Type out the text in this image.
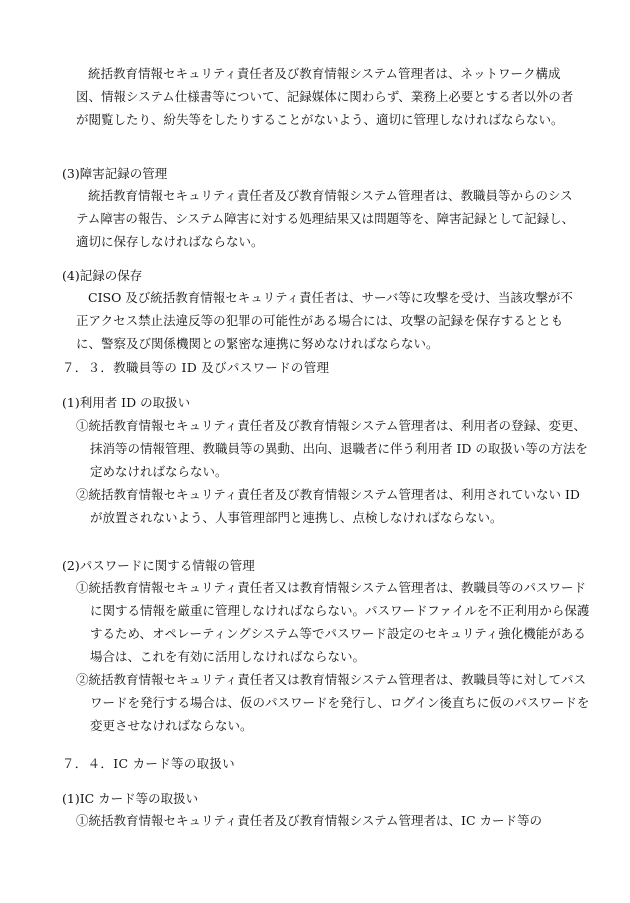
統括教育情報セキュリティ責任者及び教育情報システム管理者は、ネットワーク構成図、情報システム仕様書等について、記録媒体に関わらず、業務上必要とする者以外の者が閲覧したり、紛失等をしたりすることがないよう、適切に管理しなければならない。

(3)障害記録の管理

統括教育情報セキュリティ責任者及び教育情報システム管理者は、教職員等からのシステム障害の報告、システム障害に対する処理結果又は問題等を、障害記録として記録し、適切に保存しなければならない。

(4)記録の保存

CISO 及び統括教育情報セキュリティ責任者は、サーバ等に攻撃を受け、当該攻撃が不正アクセス禁止法違反等の犯罪の可能性がある場合には、攻撃の記録を保存するとともに、警察及び関係機関との緊密な連携に努めなければならない。

７．３．教職員等の ID 及びパスワードの管理
(1)利用者 ID の取扱い

①統括教育情報セキュリティ責任者及び教育情報システム管理者は、利用者の登録、変更、抹消等の情報管理、教職員等の異動、出向、退職者に伴う利用者 ID の取扱い等の方法を定めなければならない。

②統括教育情報セキュリティ責任者及び教育情報システム管理者は、利用されていない ID が放置されないよう、人事管理部門と連携し、点検しなければならない。

(2)パスワードに関する情報の管理

①統括教育情報セキュリティ責任者又は教育情報システム管理者は、教職員等のパスワードに関する情報を厳重に管理しなければならない。パスワードファイルを不正利用から保護するため、オペレーティングシステム等でパスワード設定のセキュリティ強化機能がある場合は、これを有効に活用しなければならない。

②統括教育情報セキュリティ責任者又は教育情報システム管理者は、教職員等に対してパスワードを発行する場合は、仮のパスワードを発行し、ログイン後直ちに仮のパスワードを変更させなければならない。

７．４．IC カード等の取扱い
(1)IC カード等の取扱い

①統括教育情報セキュリティ責任者及び教育情報システム管理者は、IC カード等の
